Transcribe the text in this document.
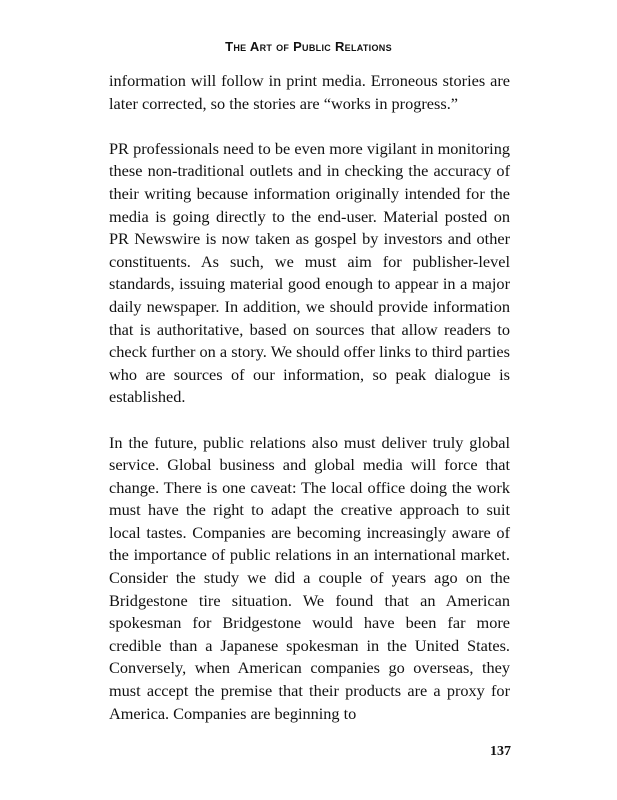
The Art of Public Relations

information will follow in print media. Erroneous stories are later corrected, so the stories are “works in progress.”

PR professionals need to be even more vigilant in monitoring these non-traditional outlets and in checking the accuracy of their writing because information originally intended for the media is going directly to the end-user. Material posted on PR Newswire is now taken as gospel by investors and other constituents. As such, we must aim for publisher-level standards, issuing material good enough to appear in a major daily newspaper. In addition, we should provide information that is authoritative, based on sources that allow readers to check further on a story. We should offer links to third parties who are sources of our information, so peak dialogue is established.

In the future, public relations also must deliver truly global service. Global business and global media will force that change. There is one caveat: The local office doing the work must have the right to adapt the creative approach to suit local tastes. Companies are becoming increasingly aware of the importance of public relations in an international market. Consider the study we did a couple of years ago on the Bridgestone tire situation. We found that an American spokesman for Bridgestone would have been far more credible than a Japanese spokesman in the United States. Conversely, when American companies go overseas, they must accept the premise that their products are a proxy for America. Companies are beginning to

137
